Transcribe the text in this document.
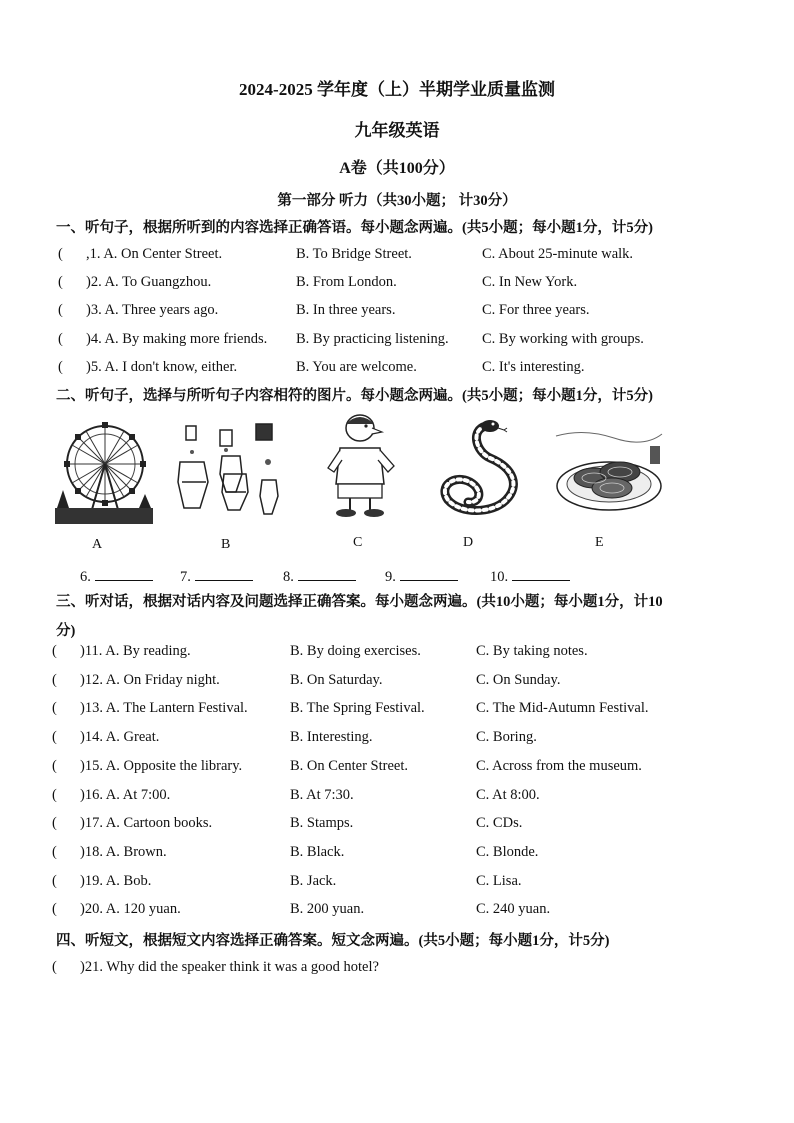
2024-2025 学年度（上）半期学业质量监测
九年级英语
A卷（共100分）
第一部分 听力（共30小题； 计30分）
一、听句子，根据所听到的内容选择正确答语。每小题念两遍。(共5小题；每小题1分，计5分)
( ,1. A. On Center Street.	B. To Bridge Street.	C. About 25-minute walk.
( )2. A. To Guangzhou.	B. From London.	C. In New York.
( )3. A. Three years ago.	B. In three years.	C. For three years.
( )4. A. By making more friends. B. By practicing listening. C. By working with groups.
( )5. A. I don't know, either.	B. You are welcome.	C. It's interesting.
二、听句子，选择与所听句子内容相符的图片。每小题念两遍。(共5小题；每小题1分，计5分)
A	B	C	D	E
6.	7.	8.	9.	10.
三、听对话，根据对话内容及问题选择正确答案。每小题念两遍。(共10小题；每小题1分，计10
分)
( )11. A. By reading.	B. By doing exercises.	C. By taking notes.
( )12. A. On Friday night.	B. On Saturday.	C. On Sunday.
( )13. A. The Lantern Festival.	B. The Spring Festival.	C. The Mid-Autumn Festival.
( )14. A. Great.	B. Interesting.	C. Boring.
( )15. A. Opposite the library.	B. On Center Street.	C. Across from the museum.
( )16. A. At 7:00.	B. At 7:30.	C. At 8:00.
( )17. A. Cartoon books.	B. Stamps.	C. CDs.
( )18. A. Brown.	B. Black.	C. Blonde.
( )19. A. Bob.	B. Jack.	C. Lisa.
( )20. A. 120 yuan.	B. 200 yuan.	C. 240 yuan.
四、听短文，根据短文内容选择正确答案。短文念两遍。(共5小题；每小题1分，计5分)
( )21. Why did the speaker think it was a good hotel?
